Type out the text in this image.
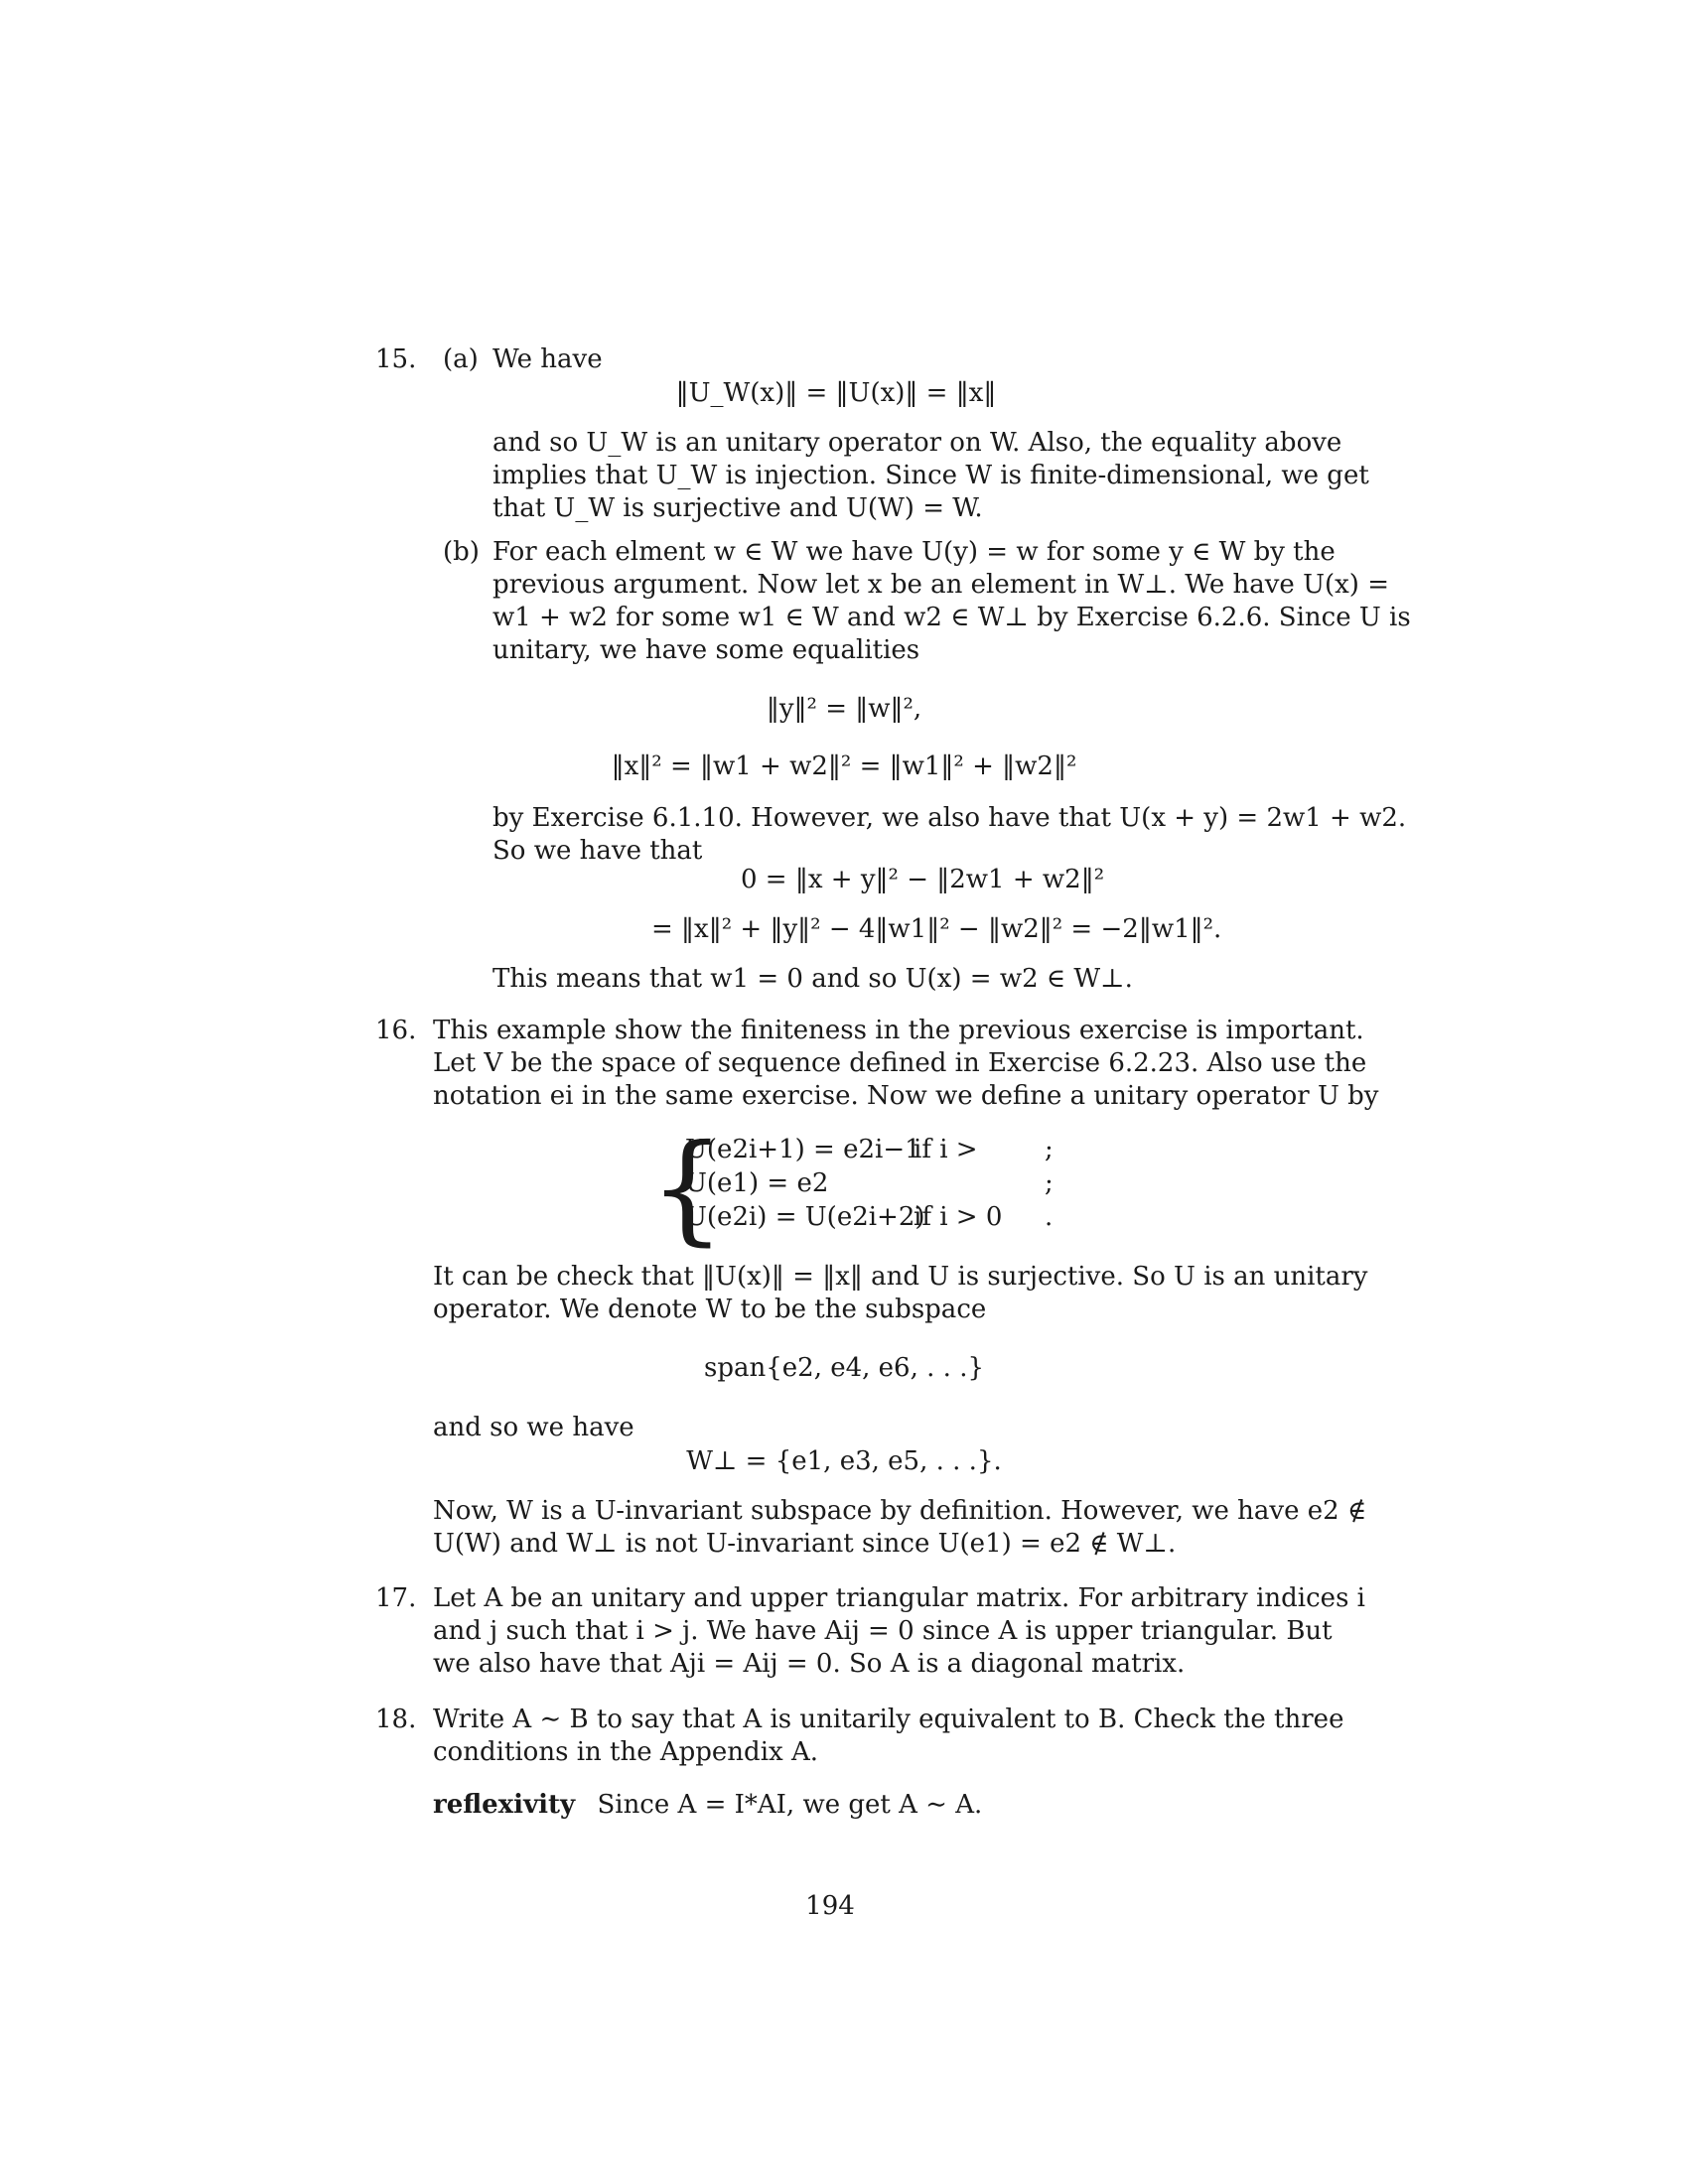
15. (a) We have
‖U_W(x)‖ = ‖U(x)‖ = ‖x‖
and so U_W is an unitary operator on W. Also, the equality above
implies that U_W is injection. Since W is finite-dimensional, we get
that U_W is surjective and U(W) = W.
(b) For each elment w ∈ W we have U(y) = w for some y ∈ W by the
previous argument. Now let x be an element in W⊥. We have U(x) =
w1 + w2 for some w1 ∈ W and w2 ∈ W⊥ by Exercise 6.2.6. Since U is
unitary, we have some equalities
‖y‖² = ‖w‖²,
‖x‖² = ‖w1 + w2‖² = ‖w1‖² + ‖w2‖²
by Exercise 6.1.10. However, we also have that U(x + y) = 2w1 + w2.
So we have that
0 = ‖x + y‖² − ‖2w1 + w2‖²
= ‖x‖² + ‖y‖² − 4‖w1‖² − ‖w2‖² = −2‖w1‖².
This means that w1 = 0 and so U(x) = w2 ∈ W⊥.
16. This example show the finiteness in the previous exercise is important.
Let V be the space of sequence defined in Exercise 6.2.23. Also use the
notation ei in the same exercise. Now we define a unitary operator U by
{
U(e2i+1) = e2i−1
if i >	;
U(e1) = e2	;
U(e2i) = U(e2i+2)
if i > 0 .
It can be check that ‖U(x)‖ = ‖x‖ and U is surjective. So U is an unitary
operator. We denote W to be the subspace
span{e2, e4, e6, . . .}
and so we have
W⊥ = {e1, e3, e5, . . .}.
Now, W is a U-invariant subspace by definition. However, we have e2 ∉
U(W) and W⊥ is not U-invariant since U(e1) = e2 ∉ W⊥.
17. Let A be an unitary and upper triangular matrix. For arbitrary indices i
and j such that i > j. We have Aij = 0 since A is upper triangular. But
we also have that Aji = Aij = 0. So A is a diagonal matrix.
18. Write A ∼ B to say that A is unitarily equivalent to B. Check the three
conditions in the Appendix A.
reflexivity Since A = I*AI, we get A ∼ A.
194
